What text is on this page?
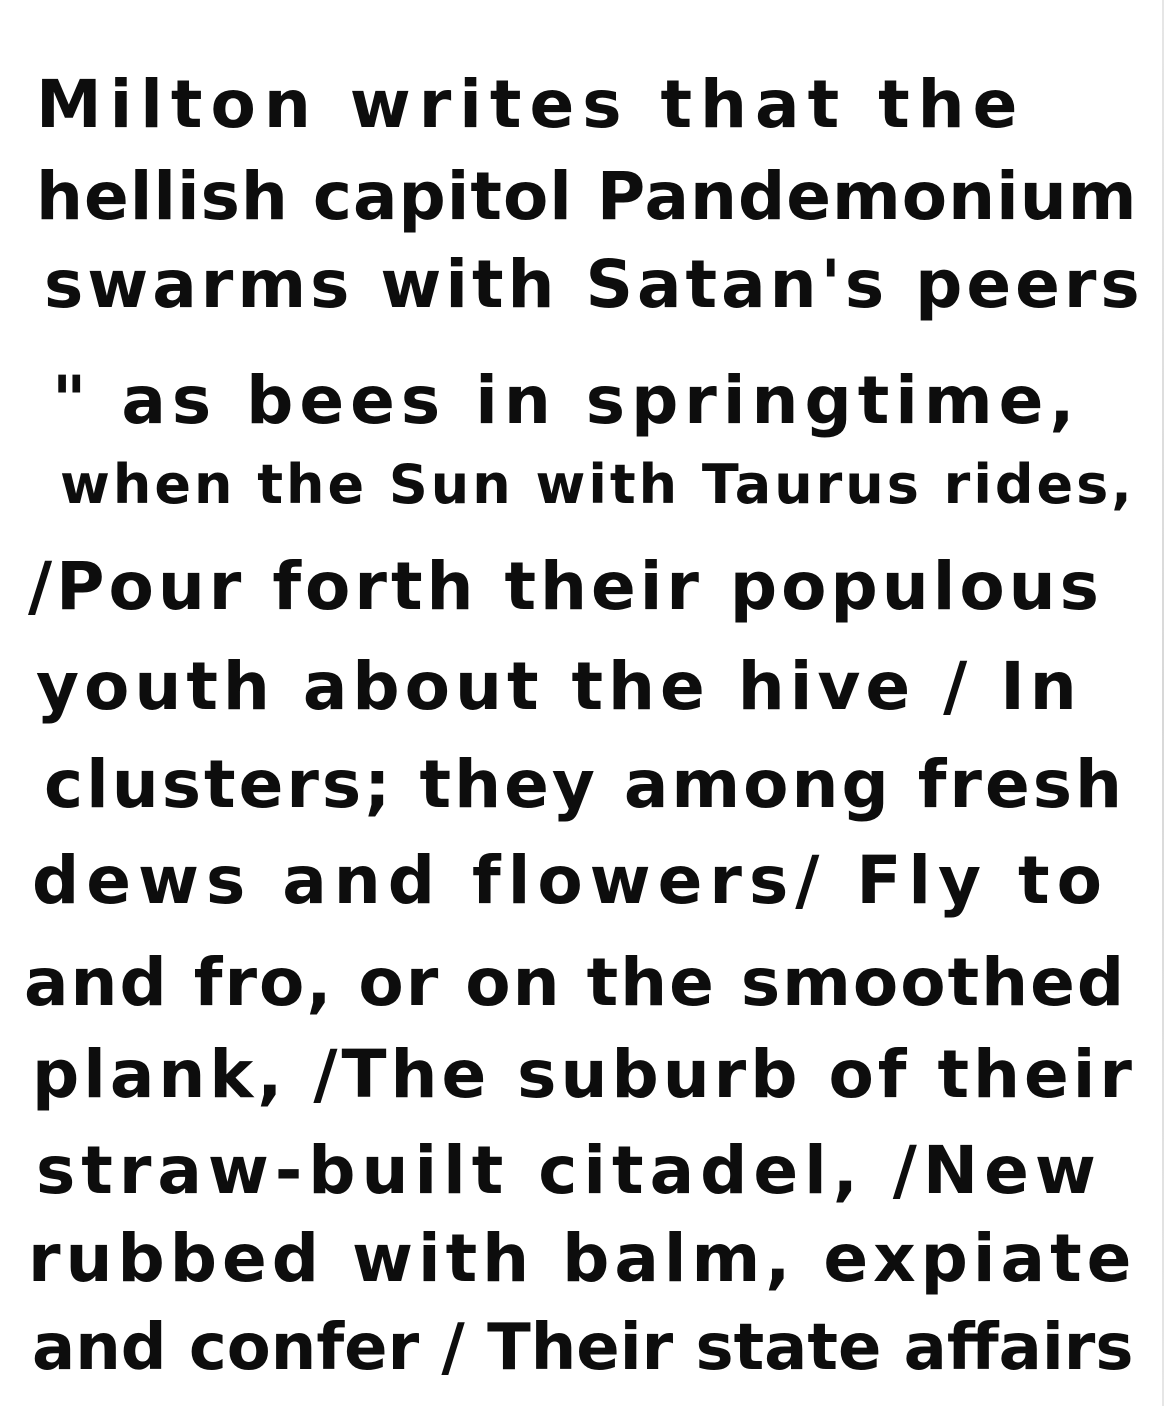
Milton writes that the
hellish capitol Pandemonium
swarms with Satan's peers
" as bees in springtime,
when the Sun with Taurus rides,
/Pour forth their populous
youth about the hive / In
clusters; they among fresh
dews and flowers/ Fly to
and fro, or on the smoothed
plank, /The suburb of their
straw-built citadel, /New
rubbed with balm, expiate
and confer / Their state affairs
